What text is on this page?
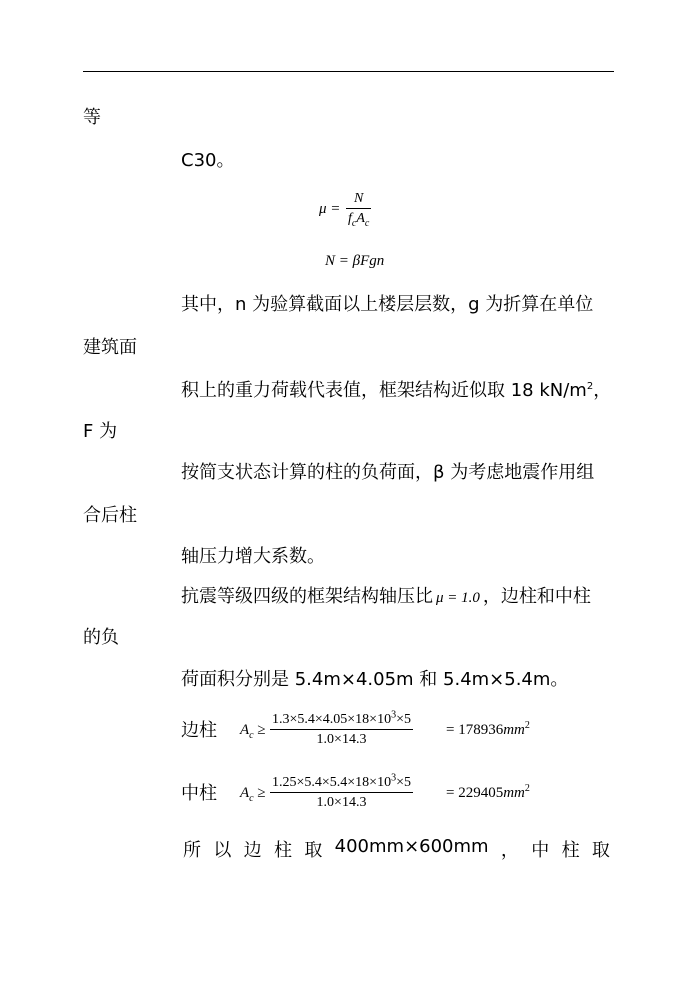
等
C30。
μ =
N
$f_cA_c$
N = βFgn
其中，n 为验算截面以上楼层层数，g 为折算在单位
建筑面
积上的重力荷载代表值，框架结构近似取 18 $kN/m^2$，
F 为
按简支状态计算的柱的负荷面，β 为考虑地震作用组
合后柱
轴压力增大系数。
抗震等级四级的框架结构轴压比 μ = 1.0 ，边柱和中柱
的负
荷面积分别是 5.4m×4.05m 和 5.4m×5.4m。
边柱 $A_c$ ≥
$1.3\times 5.4\times 4.05\times 18\times 10^3\times 5$
1.0×14.3
= $178936mm^2$
中柱 $A_c$ ≥
$1.25\times 5.4\times 5.4\times 18\times 10^3\times 5$
1.0×14.3
= $229405mm^2$
所 以 边 柱 取 400mm×600mm ， 中 柱 取
